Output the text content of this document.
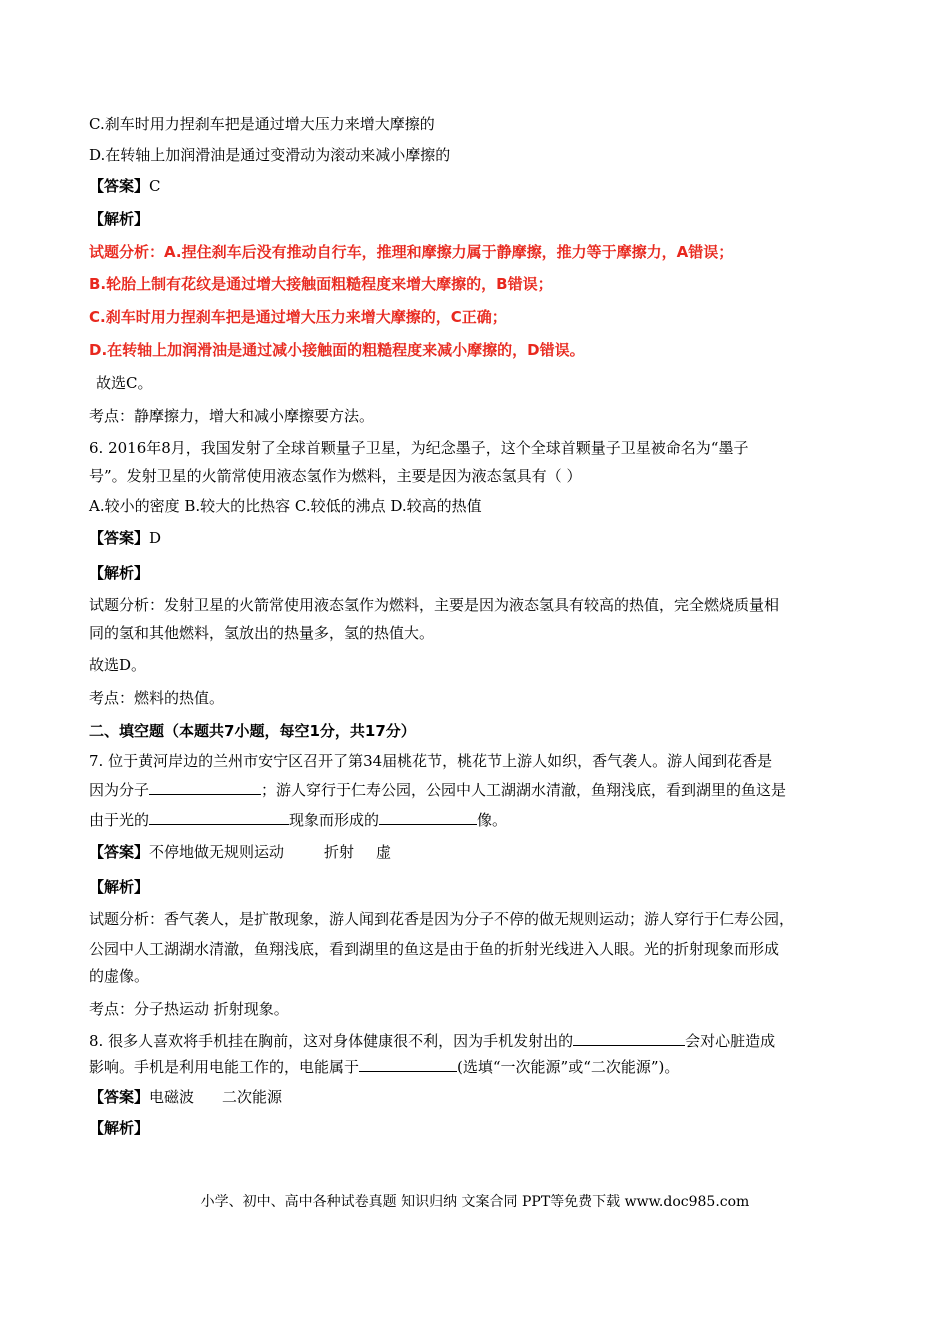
C.刹车时用力捏刹车把是通过增大压力来增大摩擦的
D.在转轴上加润滑油是通过变滑动为滚动来减小摩擦的
【答案】C
【解析】
试题分析：A.捏住刹车后没有推动自行车，推理和摩擦力属于静摩擦，推力等于摩擦力，A错误；
B.轮胎上制有花纹是通过增大接触面粗糙程度来增大摩擦的，B错误；
C.刹车时用力捏刹车把是通过增大压力来增大摩擦的，C正确；
D.在转轴上加润滑油是通过减小接触面的粗糙程度来减小摩擦的，D错误。
故选C。
考点：静摩擦力，增大和减小摩擦要方法。
6. 2016年8月，我国发射了全球首颗量子卫星，为纪念墨子，这个全球首颗量子卫星被命名为“墨子
号”。发射卫星的火箭常使用液态氢作为燃料，主要是因为液态氢具有（ ）
A.较小的密度 B.较大的比热容 C.较低的沸点 D.较高的热值
【答案】D
【解析】
试题分析：发射卫星的火箭常使用液态氢作为燃料，主要是因为液态氢具有较高的热值，完全燃烧质量相
同的氢和其他燃料，氢放出的热量多，氢的热值大。
故选D。
考点：燃料的热值。
二、填空题（本题共7小题，每空1分，共17分）
7. 位于黄河岸边的兰州市安宁区召开了第34届桃花节，桃花节上游人如织，香气袭人。游人闻到花香是
因为分子	；游人穿行于仁寿公园，公园中人工湖湖水清澈，鱼翔浅底，看到湖里的鱼这是
由于光的	现象而形成的	像。
【答案】不停地做无规则运动	折射 虚
【解析】
试题分析：香气袭人，是扩散现象，游人闻到花香是因为分子不停的做无规则运动；游人穿行于仁寿公园，
公园中人工湖湖水清澈，鱼翔浅底，看到湖里的鱼这是由于鱼的折射光线进入人眼。光的折射现象而形成
的虚像。
考点：分子热运动 折射现象。
8. 很多人喜欢将手机挂在胸前，这对身体健康很不利，因为手机发射出的	会对心脏造成
影响。手机是利用电能工作的，电能属于	(选填“一次能源”或“二次能源”)。
【答案】电磁波 二次能源
【解析】
小学、初中、高中各种试卷真题 知识归纳 文案合同 PPT等免费下载 www.doc985.com
